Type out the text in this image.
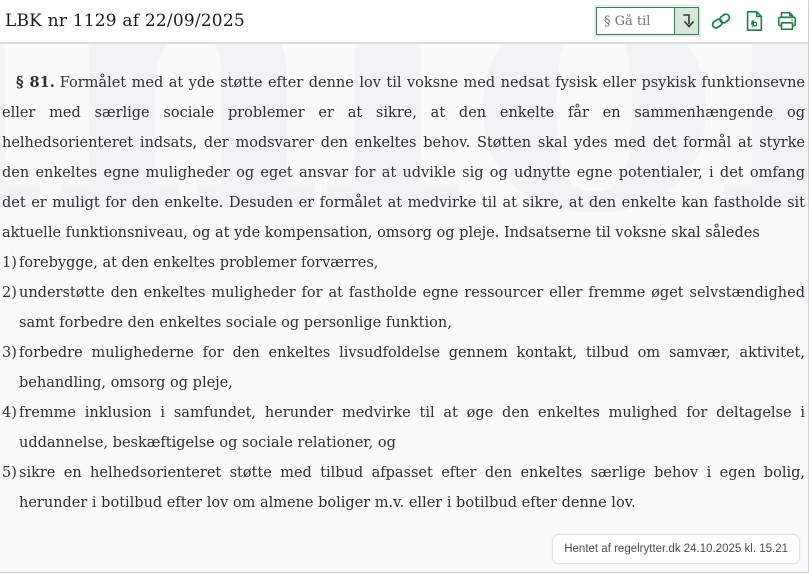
LBK nr 1129 af 22/09/2025
§ Gå til

§ 81. Formålet med at yde støtte efter denne lov til voksne med nedsat fysisk eller psykisk funktionsevne eller med særlige sociale problemer er at sikre, at den enkelte får en sammenhængende og helhedsorienteret indsats, der modsvarer den enkeltes behov. Støtten skal ydes med det formål at styrke den enkeltes egne muligheder og eget ansvar for at udvikle sig og udnytte egne potentialer, i det omfang det er muligt for den enkelte. Desuden er formålet at medvirke til at sikre, at den enkelte kan fastholde sit aktuelle funktionsniveau, og at yde kompensation, omsorg og pleje. Indsatserne til voksne skal således

1) forebygge, at den enkeltes problemer forværres,
2) understøtte den enkeltes muligheder for at fastholde egne ressourcer eller fremme øget selvstændighed samt forbedre den enkeltes sociale og personlige funktion,
3) forbedre mulighederne for den enkeltes livsudfoldelse gennem kontakt, tilbud om samvær, aktivitet, behandling, omsorg og pleje,
4) fremme inklusion i samfundet, herunder medvirke til at øge den enkeltes mulighed for deltagelse i uddannelse, beskæftigelse og sociale relationer, og
5) sikre en helhedsorienteret støtte med tilbud afpasset efter den enkeltes særlige behov i egen bolig, herunder i botilbud efter lov om almene boliger m.v. eller i botilbud efter denne lov.
Hentet af regelrytter.dk 24.10.2025 kl. 15.21
